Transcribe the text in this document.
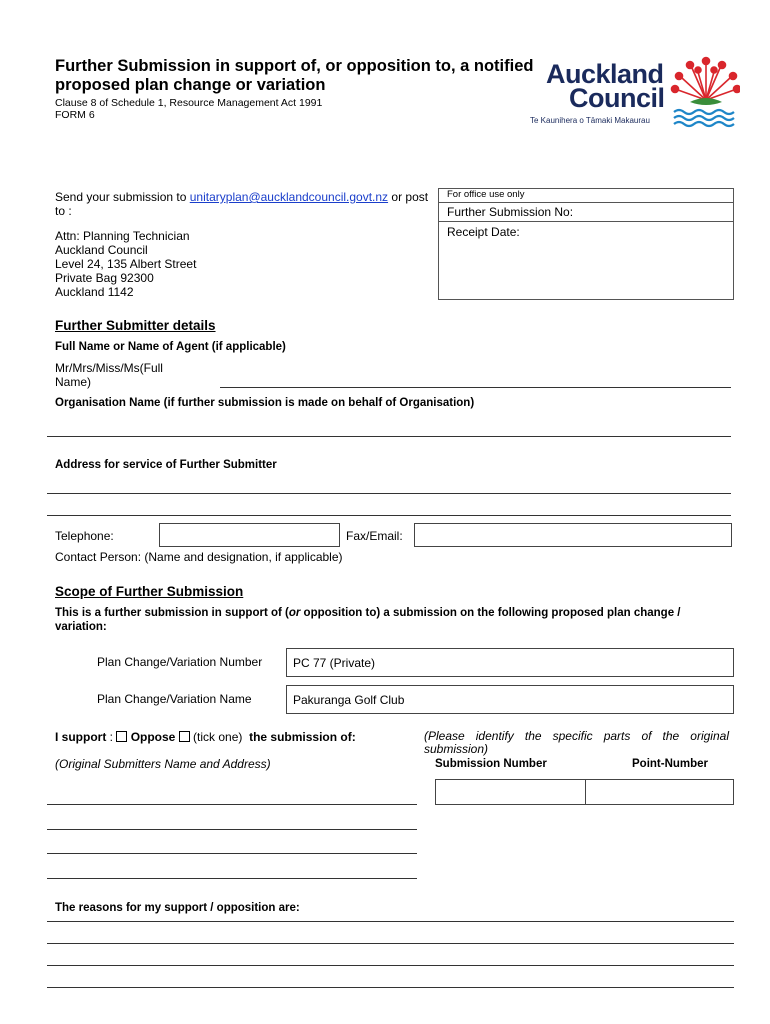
Further Submission in support of, or opposition to, a notified proposed plan change or variation
Clause 8 of Schedule 1, Resource Management Act 1991
FORM 6
Auckland
Council
Te Kaunihera o Tāmaki Makaurau
Send your submission to unitaryplan@aucklandcouncil.govt.nz or post to :
Attn: Planning Technician
Auckland Council
Level 24, 135 Albert Street
Private Bag 92300
Auckland 1142
For office use only
Further Submission No:
Receipt Date:
Further Submitter details
Full Name or Name of Agent (if applicable)
Mr/Mrs/Miss/Ms(Full Name)
Organisation Name (if further submission is made on behalf of Organisation)
Address for service of Further Submitter
Telephone:	Fax/Email:
Contact Person: (Name and designation, if applicable)
Scope of Further Submission
This is a further submission in support of (or opposition to) a submission on the following proposed plan change / variation:
Plan Change/Variation Number	PC 77 (Private)
Plan Change/Variation Name	Pakuranga Golf Club
I support :  Oppose (tick one) the submission of:	(Please identify the specific parts of the original submission)
(Original Submitters Name and Address)	Submission Number	Point-Number
The reasons for my support / opposition are:
